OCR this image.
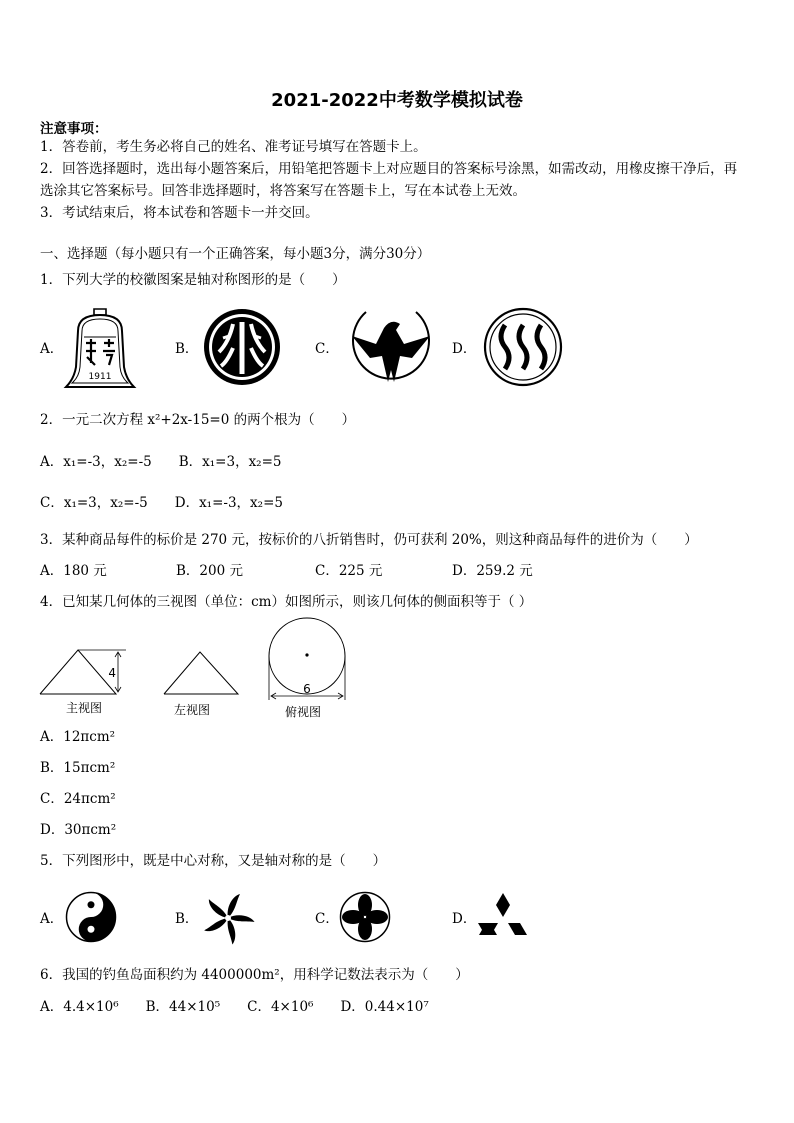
2021-2022中考数学模拟试卷
注意事项：
1．答卷前，考生务必将自己的姓名、准考证号填写在答题卡上。
2．回答选择题时，选出每小题答案后，用铅笔把答题卡上对应题目的答案标号涂黑，如需改动，用橡皮擦干净后，再
选涂其它答案标号。回答非选择题时，将答案写在答题卡上，写在本试卷上无效。
3．考试结束后，将本试卷和答题卡一并交回。
一、选择题（每小题只有一个正确答案，每小题3分，满分30分）
1．下列大学的校徽图案是轴对称图形的是（　　）
A．	B．	C．	D．
1911
2．一元二次方程 x²+2x-15=0 的两个根为（　　）
A．x₁=-3，x₂=-5　　B．x₁=3，x₂=5
C．x₁=3，x₂=-5　　D．x₁=-3，x₂=5
3．某种商品每件的标价是 270 元，按标价的八折销售时，仍可获利 20%，则这种商品每件的进价为（　　）
A．180 元	B．200 元	C．225 元	D．259.2 元
4．已知某几何体的三视图（单位：cm）如图所示，则该几何体的侧面积等于（ ）
4
主视图	左视图
6
俯视图
A．12πcm²
B．15πcm²
C．24πcm²
D．30πcm²
5．下列图形中，既是中心对称，又是轴对称的是（　　）
A．	B．	C．	D．
6．我国的钓鱼岛面积约为 4400000m²，用科学记数法表示为（　　）
A．4.4×10⁶　　B．44×10⁵　　C．4×10⁶　　D．0.44×10⁷
